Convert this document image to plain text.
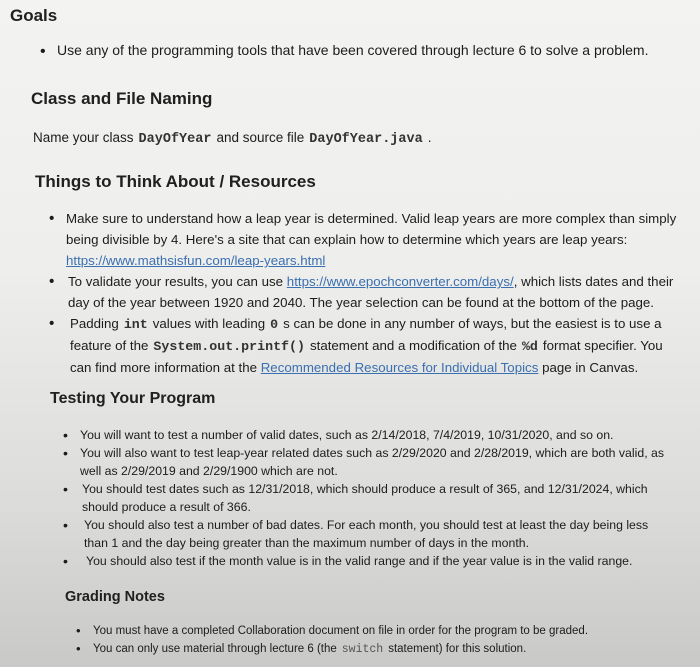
Goals
• Use any of the programming tools that have been covered through lecture 6 to solve a problem.
Class and File Naming

Name your class DayOfYear and source file DayOfYear.java .

Things to Think About / Resources
• Make sure to understand how a leap year is determined. Valid leap years are more complex than simply being divisible by 4. Here's a site that can explain how to determine which years are leap years:
https://www.mathsisfun.com/leap-years.html
• To validate your results, you can use https://www.epochconverter.com/days/, which lists dates and their day of the year between 1920 and 2040. The year selection can be found at the bottom of the page.
• Padding int values with leading 0 s can be done in any number of ways, but the easiest is to use a feature of the System.out.printf() statement and a modification of the %d format specifier. You can find more information at the Recommended Resources for Individual Topics page in Canvas.
Testing Your Program
• You will want to test a number of valid dates, such as 2/14/2018, 7/4/2019, 10/31/2020, and so on.
• You will also want to test leap-year related dates such as 2/29/2020 and 2/28/2019, which are both valid, as well as 2/29/2019 and 2/29/1900 which are not.
• You should test dates such as 12/31/2018, which should produce a result of 365, and 12/31/2024, which should produce a result of 366.
• You should also test a number of bad dates. For each month, you should test at least the day being less than 1 and the day being greater than the maximum number of days in the month.
• You should also test if the month value is in the valid range and if the year value is in the valid range.
Grading Notes
• You must have a completed Collaboration document on file in order for the program to be graded.
• You can only use material through lecture 6 (the switch statement) for this solution.
